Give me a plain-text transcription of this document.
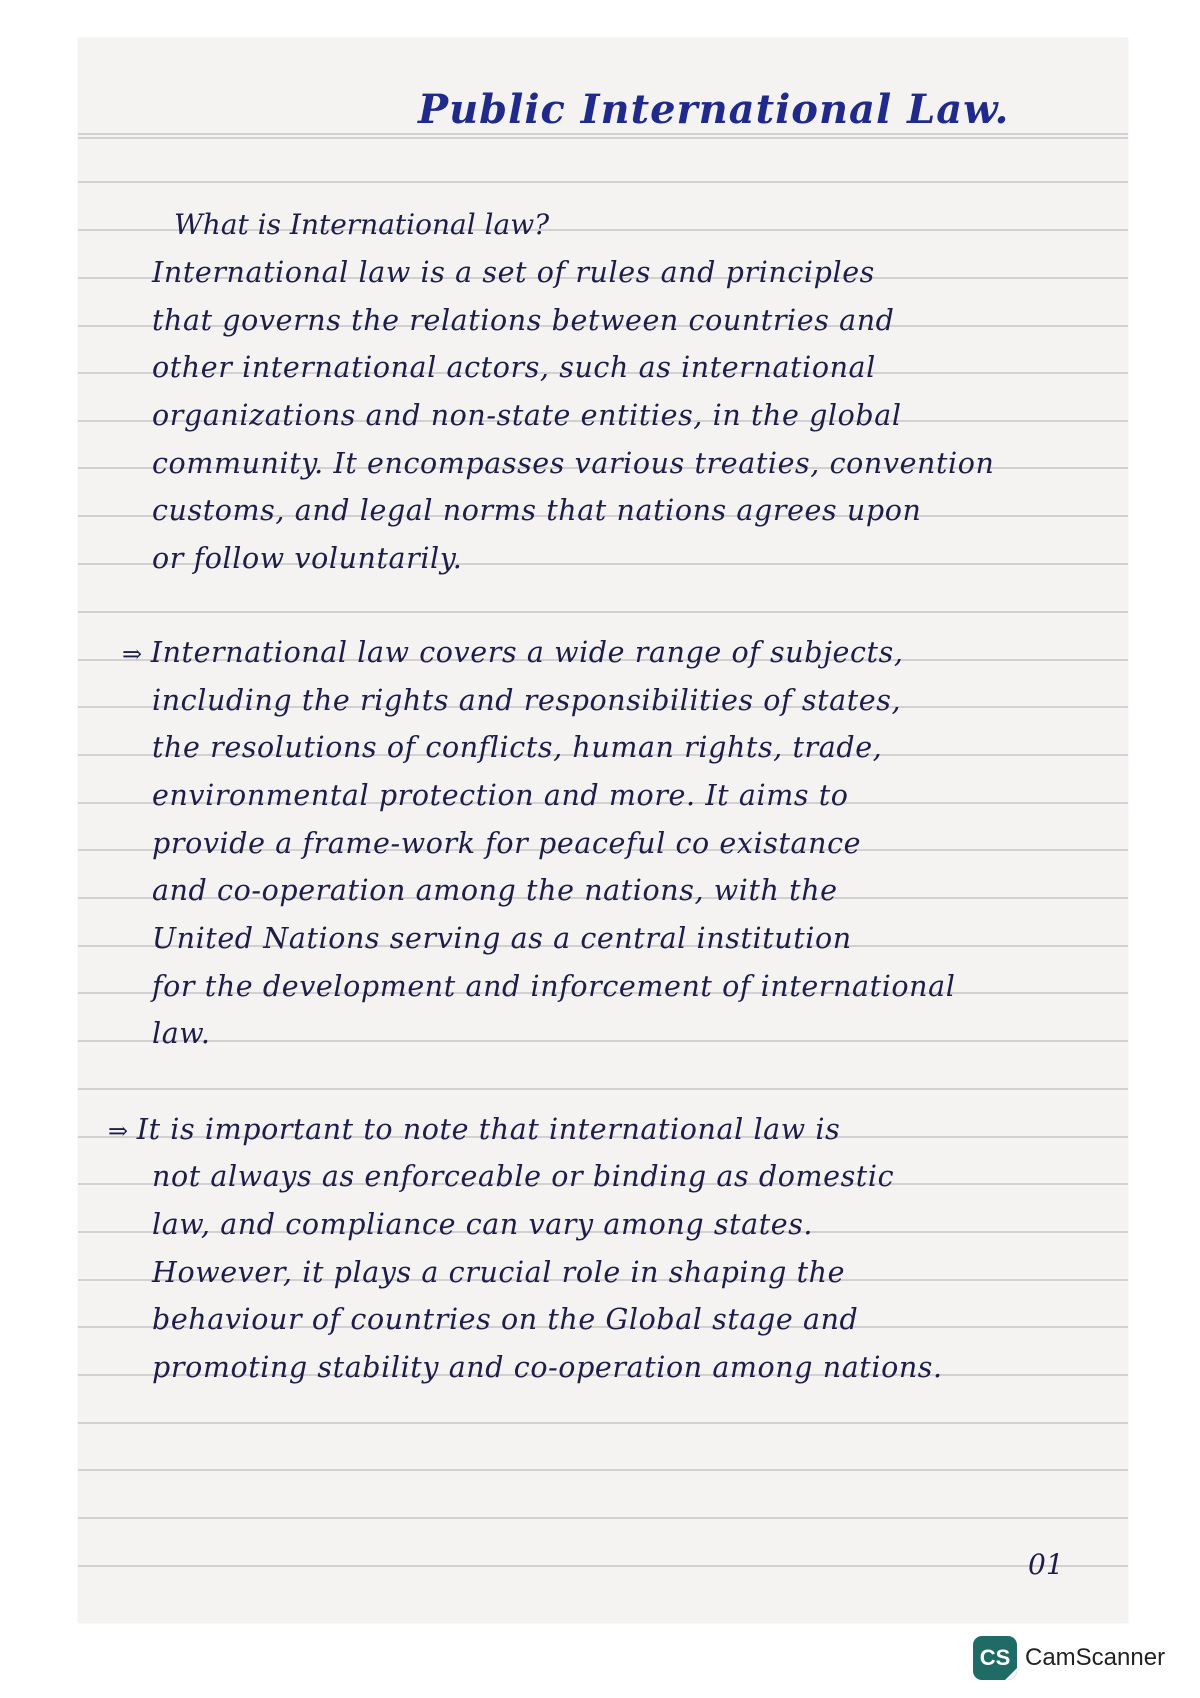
Public International Law.

What is International law?

International law is a set of rules and principles

that governs the relations between countries and

other international actors, such as international

organizations and non-state entities, in the global

community. It encompasses various treaties, convention

customs, and legal norms that nations agrees upon

or follow voluntarily.

⇒ International law covers a wide range of subjects,

including the rights and responsibilities of states,

the resolutions of conflicts, human rights, trade,

environmental protection and more. It aims to

provide a frame-work for peaceful co existance

and co-operation among the nations, with the

United Nations serving as a central institution

for the development and inforcement of international

law.

⇒ It is important to note that international law is

not always as enforceable or binding as domestic

law, and compliance can vary among states.

However, it plays a crucial role in shaping the

behaviour of countries on the Global stage and

promoting stability and co-operation among nations.

01

CS CamScanner
